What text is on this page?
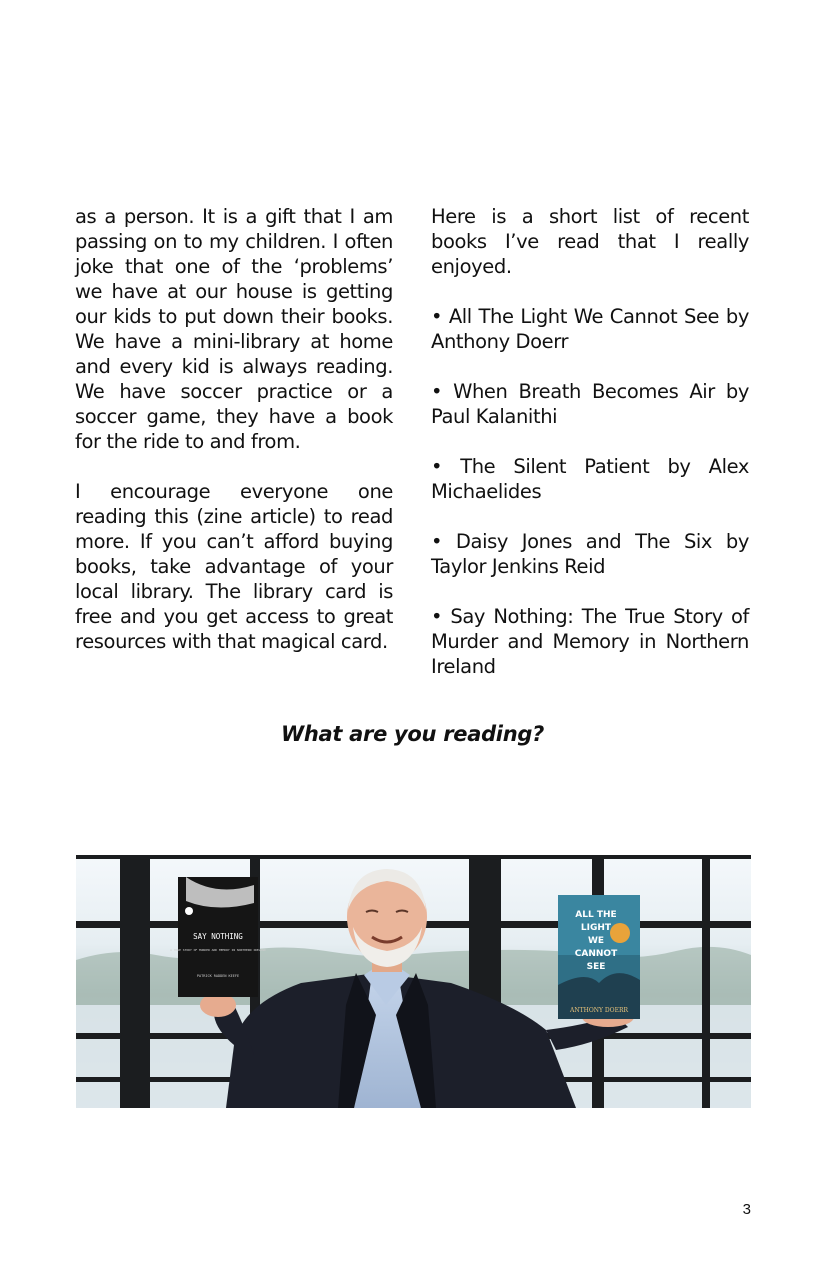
as a person. It is a gift that I am passing on to my children. I often joke that one of the ‘problems’ we have at our house is getting our kids to put down their books. We have a mini-library at home and every kid is always reading. We have soccer practice or a soccer game, they have a book for the ride to and from.

I encourage everyone one reading this (zine article) to read more. If you can’t afford buying books, take advantage of your local library. The library card is free and you get access to great resources with that magical card.

Here is a short list of recent books I’ve read that I really enjoyed.

• All The Light We Cannot See by Anthony Doerr
• When Breath Becomes Air by Paul Kalanithi
• The Silent Patient by Alex Michaelides
• Daisy Jones and The Six by Taylor Jenkins Reid
• Say Nothing: The True Story of Murder and Memory in Northern Ireland
What are you reading?
SAY NOTHING
A TRUE STORY OF MURDER AND MEMORY IN NORTHERN IRELAND
PATRICK RADDEN KEEFE
ALL THE
LIGHT
WE
CANNOT
SEE
ANTHONY DOERR
3
